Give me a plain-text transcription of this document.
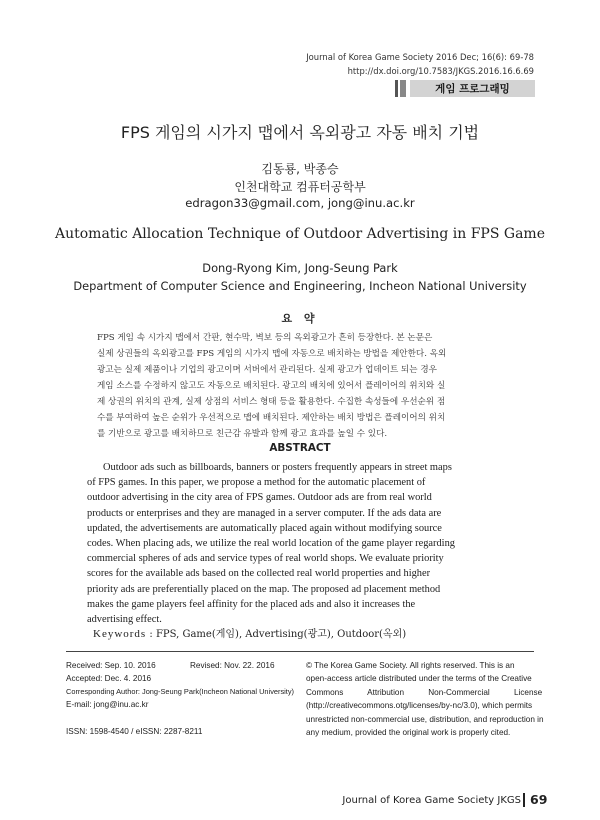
Journal of Korea Game Society 2016 Dec; 16(6): 69-78
http://dx.doi.org/10.7583/JKGS.2016.16.6.69
게임 프로그래밍
FPS 게임의 시가지 맵에서 옥외광고 자동 배치 기법
김동룡, 박종승
인천대학교 컴퓨터공학부
edragon33@gmail.com, jong@inu.ac.kr
Automatic Allocation Technique of Outdoor Advertising in FPS Game
Dong-Ryong Kim, Jong-Seung Park
Department of Computer Science and Engineering, Incheon National University
요 약
FPS 게임 속 시가지 맵에서 간판, 현수막, 벽보 등의 옥외광고가 흔히 등장한다. 본 논문은
실제 상권들의 옥외광고를 FPS 게임의 시가지 맵에 자동으로 배치하는 방법을 제안한다. 옥외
광고는 실제 제품이나 기업의 광고이며 서버에서 관리된다. 실제 광고가 업데이트 되는 경우
게임 소스를 수정하지 않고도 자동으로 배치된다. 광고의 배치에 있어서 플레이어의 위치와 실
제 상권의 위치의 관계, 실제 상점의 서비스 형태 등을 활용한다. 수집한 속성들에 우선순위 점
수를 부여하여 높은 순위가 우선적으로 맵에 배치된다. 제안하는 배치 방법은 플레이어의 위치
를 기반으로 광고를 배치하므로 친근감 유발과 함께 광고 효과를 높일 수 있다.
ABSTRACT
Outdoor ads such as billboards, banners or posters frequently appears in street maps
of FPS games. In this paper, we propose a method for the automatic placement of
outdoor advertising in the city area of FPS games. Outdoor ads are from real world
products or enterprises and they are managed in a server computer. If the ads data are
updated, the advertisements are automatically placed again without modifying source
codes. When placing ads, we utilize the real world location of the game player regarding
commercial spheres of ads and service types of real world shops. We evaluate priority
scores for the available ads based on the collected real world properties and higher
priority ads are preferentially placed on the map. The proposed ad placement method
makes the game players feel affinity for the placed ads and also it increases the
advertising effect.
Keywords : FPS, Game(게임), Advertising(광고), Outdoor(옥외)
Received: Sep. 10. 2016	Revised: Nov. 22. 2016
Accepted: Dec. 4. 2016
Corresponding Author: Jong-Seung Park(Incheon National University)
E-mail: jong@inu.ac.kr
ISSN: 1598-4540 / eISSN: 2287-8211
© The Korea Game Society. All rights reserved. This is an
open-access article distributed under the terms of the Creative
Commons Attribution Non-Commercial License
(http://creativecommons.otg/licenses/by-nc/3.0), which permits
unrestricted non-commercial use, distribution, and reproduction in
any medium, provided the original work is properly cited.
Journal of Korea Game Society JKGS 69
